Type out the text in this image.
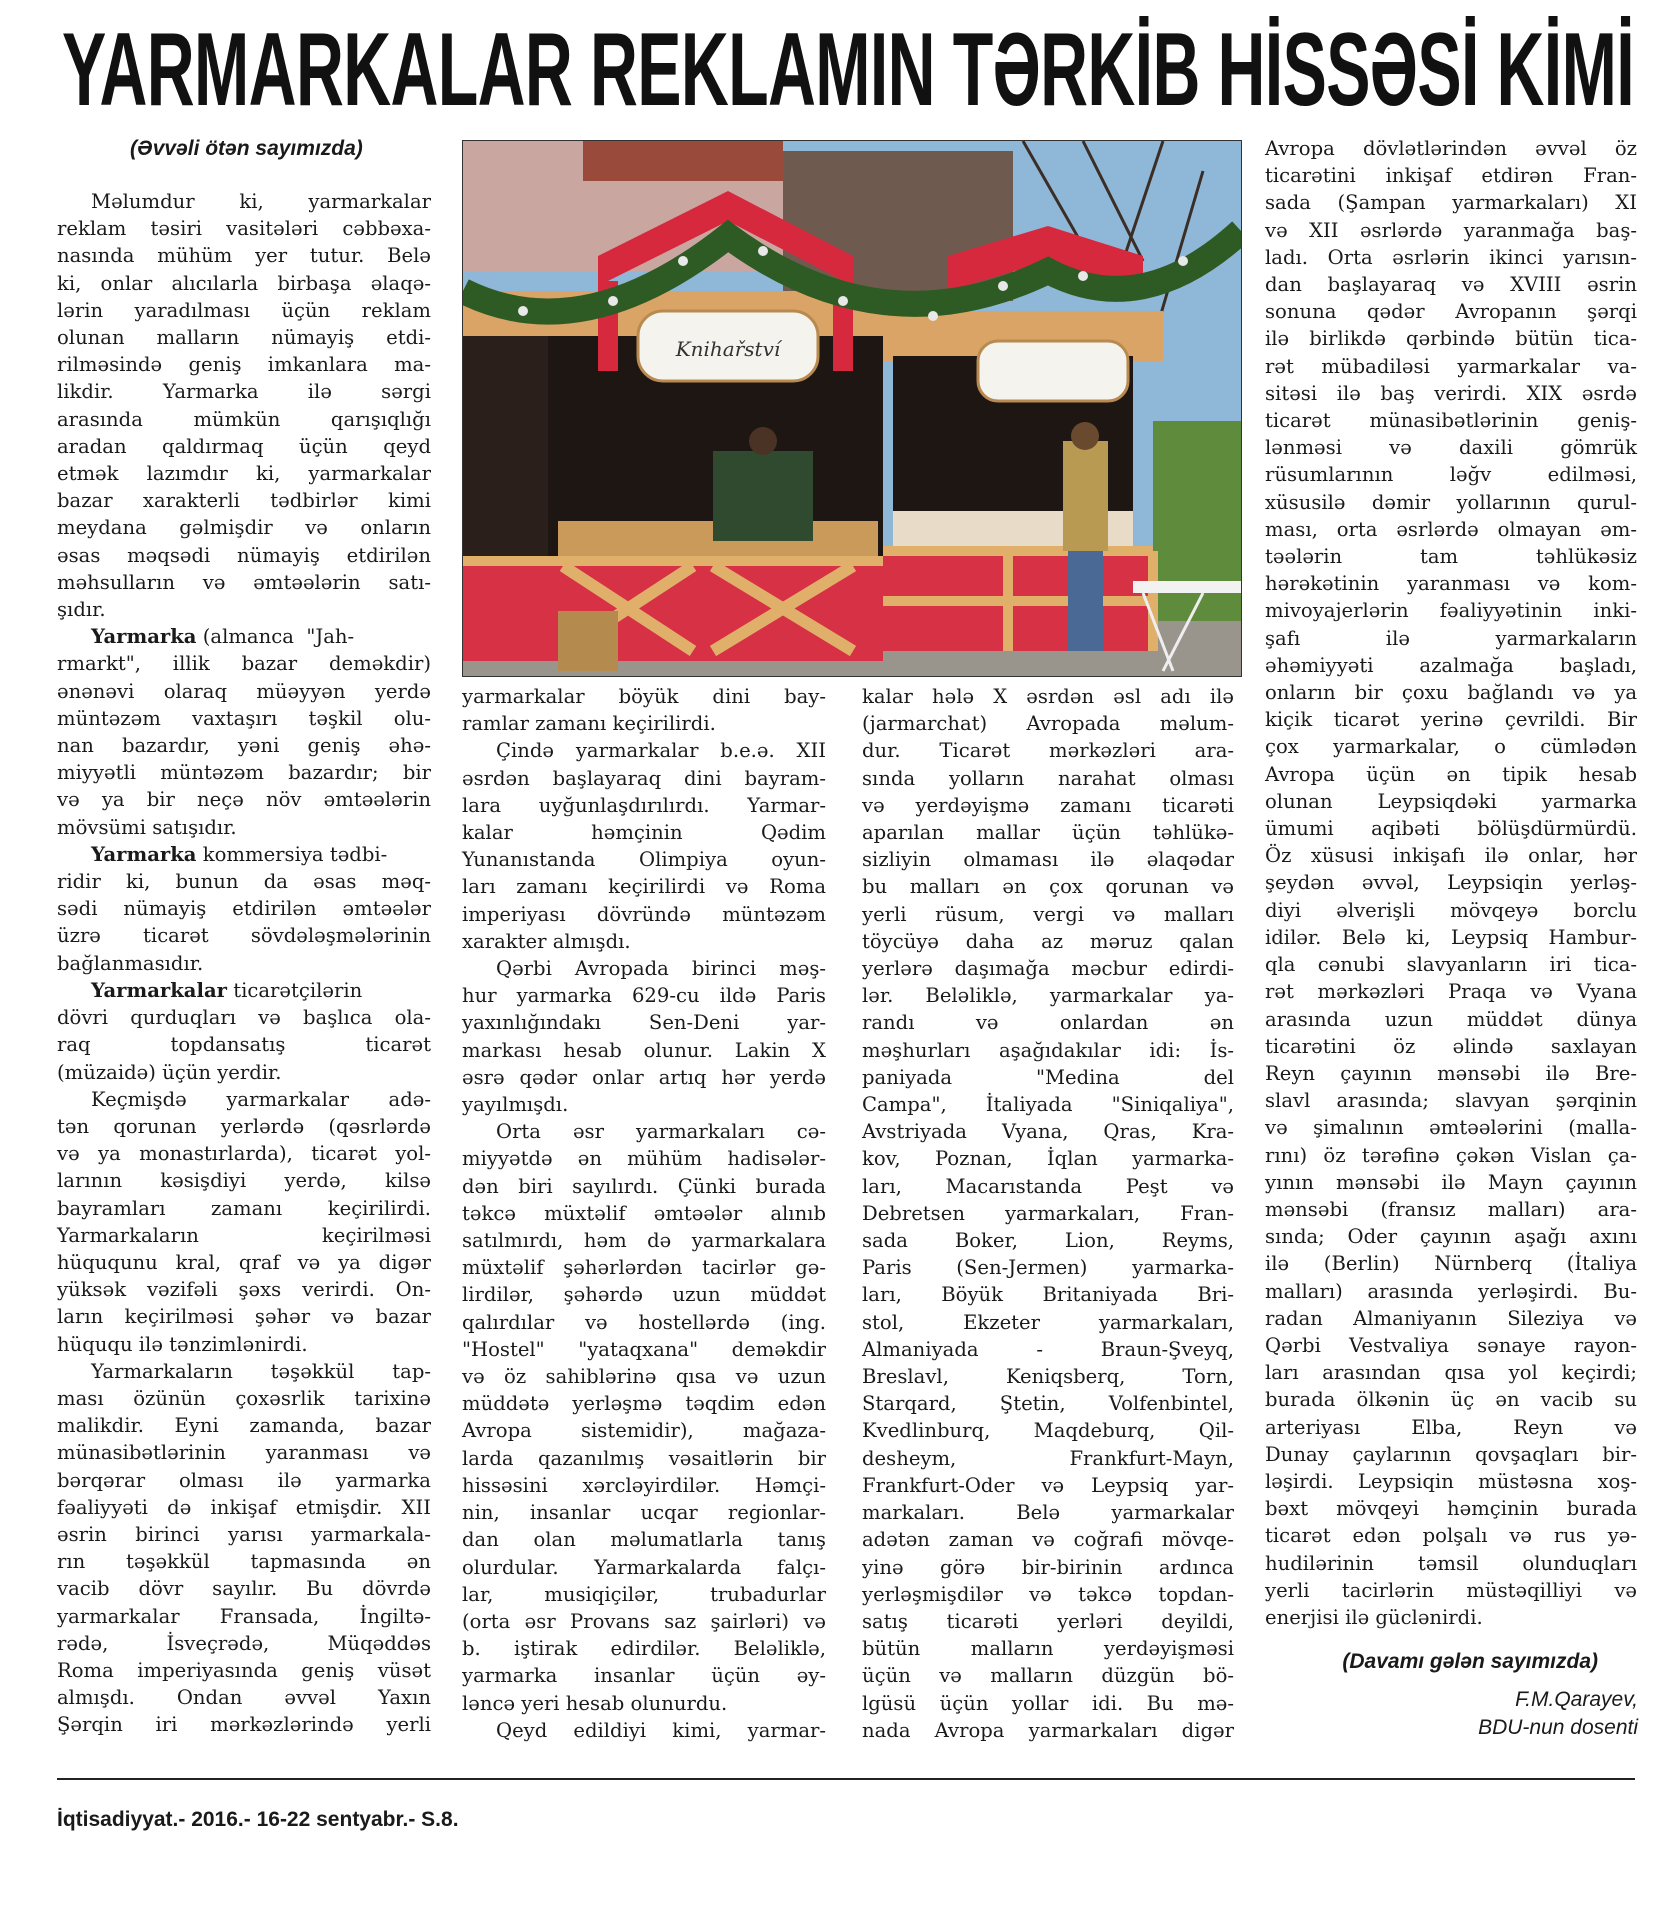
YARMARKALAR REKLAMIN TƏRKİB HİSSƏSİ KİMİ
(Əvvəli ötən sayımızda)
Knihařství
Məlumdur ki, yarmarkalar
reklam təsiri vasitələri cəbbəxa-
nasında mühüm yer tutur. Belə
ki, onlar alıcılarla birbaşa əlaqə-
lərin yaradılması üçün reklam
olunan malların nümayiş etdi-
rilməsində geniş imkanlara ma-
likdir. Yarmarka ilə sərgi
arasında mümkün qarışıqlığı
aradan qaldırmaq üçün qeyd
etmək lazımdır ki, yarmarkalar
bazar xarakterli tədbirlər kimi
meydana gəlmişdir və onların
əsas məqsədi nümayiş etdirilən
məhsulların və əmtəələrin satı-
şıdır.
Yarmarka (almanca  "Jah-
rmarkt", illik bazar deməkdir)
ənənəvi olaraq müəyyən yerdə
müntəzəm vaxtaşırı təşkil olu-
nan bazardır, yəni geniş əhə-
miyyətli müntəzəm bazardır; bir
və ya bir neçə növ əmtəələrin
mövsümi satışıdır.
Yarmarka kommersiya tədbi-
ridir ki, bunun da əsas məq-
sədi nümayiş etdirilən əmtəələr
üzrə ticarət sövdələşmələrinin
bağlanmasıdır.
Yarmarkalar ticarətçilərin
dövri qurduqları və başlıca ola-
raq topdansatış ticarət
(müzaidə) üçün yerdir.
Keçmişdə yarmarkalar adə-
tən qorunan yerlərdə (qəsrlərdə
və ya monastırlarda), ticarət yol-
larının kəsişdiyi yerdə, kilsə
bayramları zamanı keçirilirdi.
Yarmarkaların keçirilməsi
hüququnu kral, qraf və ya digər
yüksək vəzifəli şəxs verirdi. On-
ların keçirilməsi şəhər və bazar
hüququ ilə tənzimlənirdi.
Yarmarkaların təşəkkül tap-
ması özünün çoxəsrlik tarixinə
malikdir. Eyni zamanda, bazar
münasibətlərinin yaranması və
bərqərar olması ilə yarmarka
fəaliyyəti də inkişaf etmişdir. XII
əsrin birinci yarısı yarmarkala-
rın təşəkkül tapmasında ən
vacib dövr sayılır. Bu dövrdə
yarmarkalar Fransada, İngiltə-
rədə, İsveçrədə, Müqəddəs
Roma imperiyasında geniş vüsət
almışdı. Ondan əvvəl Yaxın
Şərqin iri mərkəzlərində yerli
yarmarkalar böyük dini bay-
ramlar zamanı keçirilirdi.
Çində yarmarkalar b.e.ə. XII
əsrdən başlayaraq dini bayram-
lara uyğunlaşdırılırdı. Yarmar-
kalar həmçinin Qədim
Yunanıstanda Olimpiya oyun-
ları zamanı keçirilirdi və Roma
imperiyası dövründə müntəzəm
xarakter almışdı.
Qərbi Avropada birinci məş-
hur yarmarka 629-cu ildə Paris
yaxınlığındakı Sen-Deni yar-
markası hesab olunur. Lakin X
əsrə qədər onlar artıq hər yerdə
yayılmışdı.
Orta əsr yarmarkaları cə-
miyyətdə ən mühüm hadisələr-
dən biri sayılırdı. Çünki burada
təkcə müxtəlif əmtəələr alınıb
satılmırdı, həm də yarmarkalara
müxtəlif şəhərlərdən tacirlər gə-
lirdilər, şəhərdə uzun müddət
qalırdılar və hostellərdə (ing.
"Hostel" "yataqxana" deməkdir
və öz sahiblərinə qısa və uzun
müddətə yerləşmə təqdim edən
Avropa sistemidir), mağaza-
larda qazanılmış vəsaitlərin bir
hissəsini xərcləyirdilər. Həmçi-
nin, insanlar ucqar regionlar-
dan olan məlumatlarla tanış
olurdular. Yarmarkalarda falçı-
lar, musiqiçilər, trubadurlar
(orta əsr Provans saz şairləri) və
b. iştirak edirdilər. Beləliklə,
yarmarka insanlar üçün əy-
ləncə yeri hesab olunurdu.
Qeyd edildiyi kimi, yarmar-
kalar hələ X əsrdən əsl adı ilə
(jarmarchat) Avropada məlum-
dur. Ticarət mərkəzləri ara-
sında yolların narahat olması
və yerdəyişmə zamanı ticarəti
aparılan mallar üçün təhlükə-
sizliyin olmaması ilə əlaqədar
bu malları ən çox qorunan və
yerli rüsum, vergi və malları
töycüyə daha az məruz qalan
yerlərə daşımağa məcbur edirdi-
lər. Beləliklə, yarmarkalar ya-
randı və onlardan ən
məşhurları aşağıdakılar idi: İs-
paniyada "Medina del
Campa", İtaliyada "Siniqaliya",
Avstriyada Vyana, Qras, Kra-
kov, Poznan, İqlan yarmarka-
ları, Macarıstanda Peşt və
Debretsen yarmarkaları, Fran-
sada Boker, Lion, Reyms,
Paris (Sen-Jermen) yarmarka-
ları, Böyük Britaniyada Bri-
stol, Ekzeter yarmarkaları,
Almaniyada - Braun-Şveyq,
Breslavl, Keniqsberq, Torn,
Starqard, Ştetin, Volfenbintel,
Kvedlinburq, Maqdeburq, Qil-
desheym, Frankfurt-Mayn,
Frankfurt-Oder və Leypsiq yar-
markaları. Belə yarmarkalar
adətən zaman və coğrafi mövqe-
yinə görə bir-birinin ardınca
yerləşmişdilər və təkcə topdan-
satış ticarəti yerləri deyildi,
bütün malların yerdəyişməsi
üçün və malların düzgün bö-
lgüsü üçün yollar idi. Bu mə-
nada Avropa yarmarkaları digər
Avropa dövlətlərindən əvvəl öz
ticarətini inkişaf etdirən Fran-
sada (Şampan yarmarkaları) XI
və XII əsrlərdə yaranmağa baş-
ladı. Orta əsrlərin ikinci yarısın-
dan başlayaraq və XVIII əsrin
sonuna qədər Avropanın şərqi
ilə birlikdə qərbində bütün tica-
rət mübadiləsi yarmarkalar va-
sitəsi ilə baş verirdi. XIX əsrdə
ticarət münasibətlərinin geniş-
lənməsi və daxili gömrük
rüsumlarının ləğv edilməsi,
xüsusilə dəmir yollarının qurul-
ması, orta əsrlərdə olmayan əm-
təələrin tam təhlükəsiz
hərəkətinin yaranması və kom-
mivoyajerlərin fəaliyyətinin inki-
şafı ilə yarmarkaların
əhəmiyyəti azalmağa başladı,
onların bir çoxu bağlandı və ya
kiçik ticarət yerinə çevrildi. Bir
çox yarmarkalar, o cümlədən
Avropa üçün ən tipik hesab
olunan Leypsiqdəki yarmarka
ümumi aqibəti bölüşdürmürdü.
Öz xüsusi inkişafı ilə onlar, hər
şeydən əvvəl, Leypsiqin yerləş-
diyi əlverişli mövqeyə borclu
idilər. Belə ki, Leypsiq Hambur-
qla cənubi slavyanların iri tica-
rət mərkəzləri Praqa və Vyana
arasında uzun müddət dünya
ticarətini öz əlində saxlayan
Reyn çayının mənsəbi ilə Bre-
slavl arasında; slavyan şərqinin
və şimalının əmtəələrini (malla-
rını) öz tərəfinə çəkən Vislan ça-
yının mənsəbi ilə Mayn çayının
mənsəbi (fransız malları) ara-
sında; Oder çayının aşağı axını
ilə (Berlin) Nürnberq (İtaliya
malları) arasında yerləşirdi. Bu-
radan Almaniyanın Sileziya və
Qərbi Vestvaliya sənaye rayon-
ları arasından qısa yol keçirdi;
burada ölkənin üç ən vacib su
arteriyası Elba, Reyn və
Dunay çaylarının qovşaqları bir-
ləşirdi. Leypsiqin müstəsna xoş-
bəxt mövqeyi həmçinin burada
ticarət edən polşalı və rus yə-
hudilərinin təmsil olunduqları
yerli tacirlərin müstəqilliyi və
enerjisi ilə güclənirdi.
(Davamı gələn sayımızda)
F.M.Qarayev,
BDU-nun dosenti
İqtisadiyyat.- 2016.- 16-22 sentyabr.- S.8.
